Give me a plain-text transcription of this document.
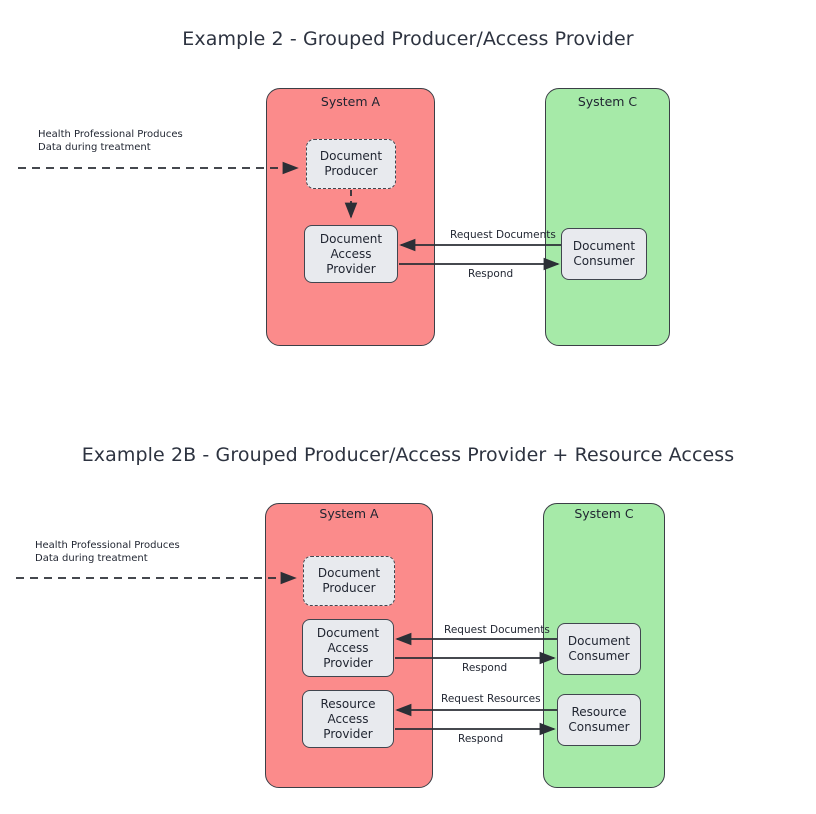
Example 2 - Grouped Producer/Access Provider
System A	System C
Health Professional Produces
Data during treatment
Document
Producer
Document
Access
Provider
Document
Consumer
Request Documents
Respond
Example 2B - Grouped Producer/Access Provider + Resource Access
System A	System C
Health Professional Produces
Data during treatment
Document
Producer
Document
Access
Provider
Resource
Access
Provider
Document
Consumer
Resource
Consumer
Request Documents
Respond
Request Resources
Respond
